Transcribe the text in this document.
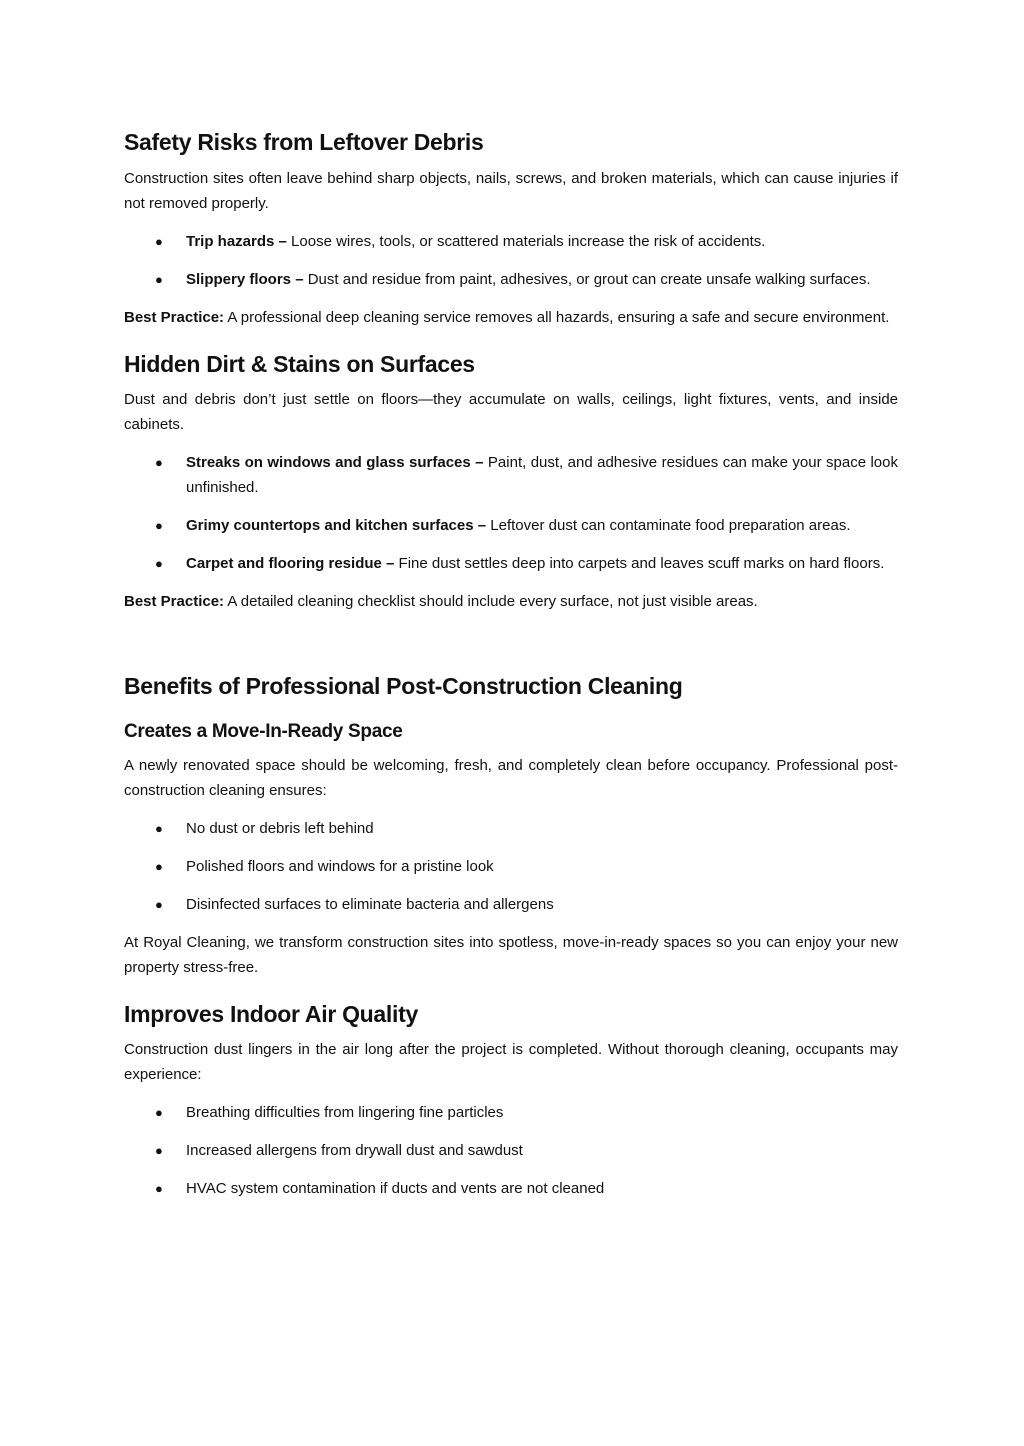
Safety Risks from Leftover Debris

Construction sites often leave behind sharp objects, nails, screws, and broken materials, which can cause injuries if not removed properly.

● Trip hazards – Loose wires, tools, or scattered materials increase the risk of accidents.
● Slippery floors – Dust and residue from paint, adhesives, or grout can create unsafe walking surfaces.

Best Practice: A professional deep cleaning service removes all hazards, ensuring a safe and secure environment.

Hidden Dirt & Stains on Surfaces

Dust and debris don’t just settle on floors—they accumulate on walls, ceilings, light fixtures, vents, and inside cabinets.

● Streaks on windows and glass surfaces – Paint, dust, and adhesive residues can make your space look unfinished.
● Grimy countertops and kitchen surfaces – Leftover dust can contaminate food preparation areas.
● Carpet and flooring residue – Fine dust settles deep into carpets and leaves scuff marks on hard floors.

Best Practice: A detailed cleaning checklist should include every surface, not just visible areas.

Benefits of Professional Post-Construction Cleaning
Creates a Move-In-Ready Space

A newly renovated space should be welcoming, fresh, and completely clean before occupancy. Professional post-construction cleaning ensures:

● No dust or debris left behind
● Polished floors and windows for a pristine look
● Disinfected surfaces to eliminate bacteria and allergens

At Royal Cleaning, we transform construction sites into spotless, move-in-ready spaces so you can enjoy your new property stress-free.

Improves Indoor Air Quality

Construction dust lingers in the air long after the project is completed. Without thorough cleaning, occupants may experience:

● Breathing difficulties from lingering fine particles
● Increased allergens from drywall dust and sawdust
● HVAC system contamination if ducts and vents are not cleaned
